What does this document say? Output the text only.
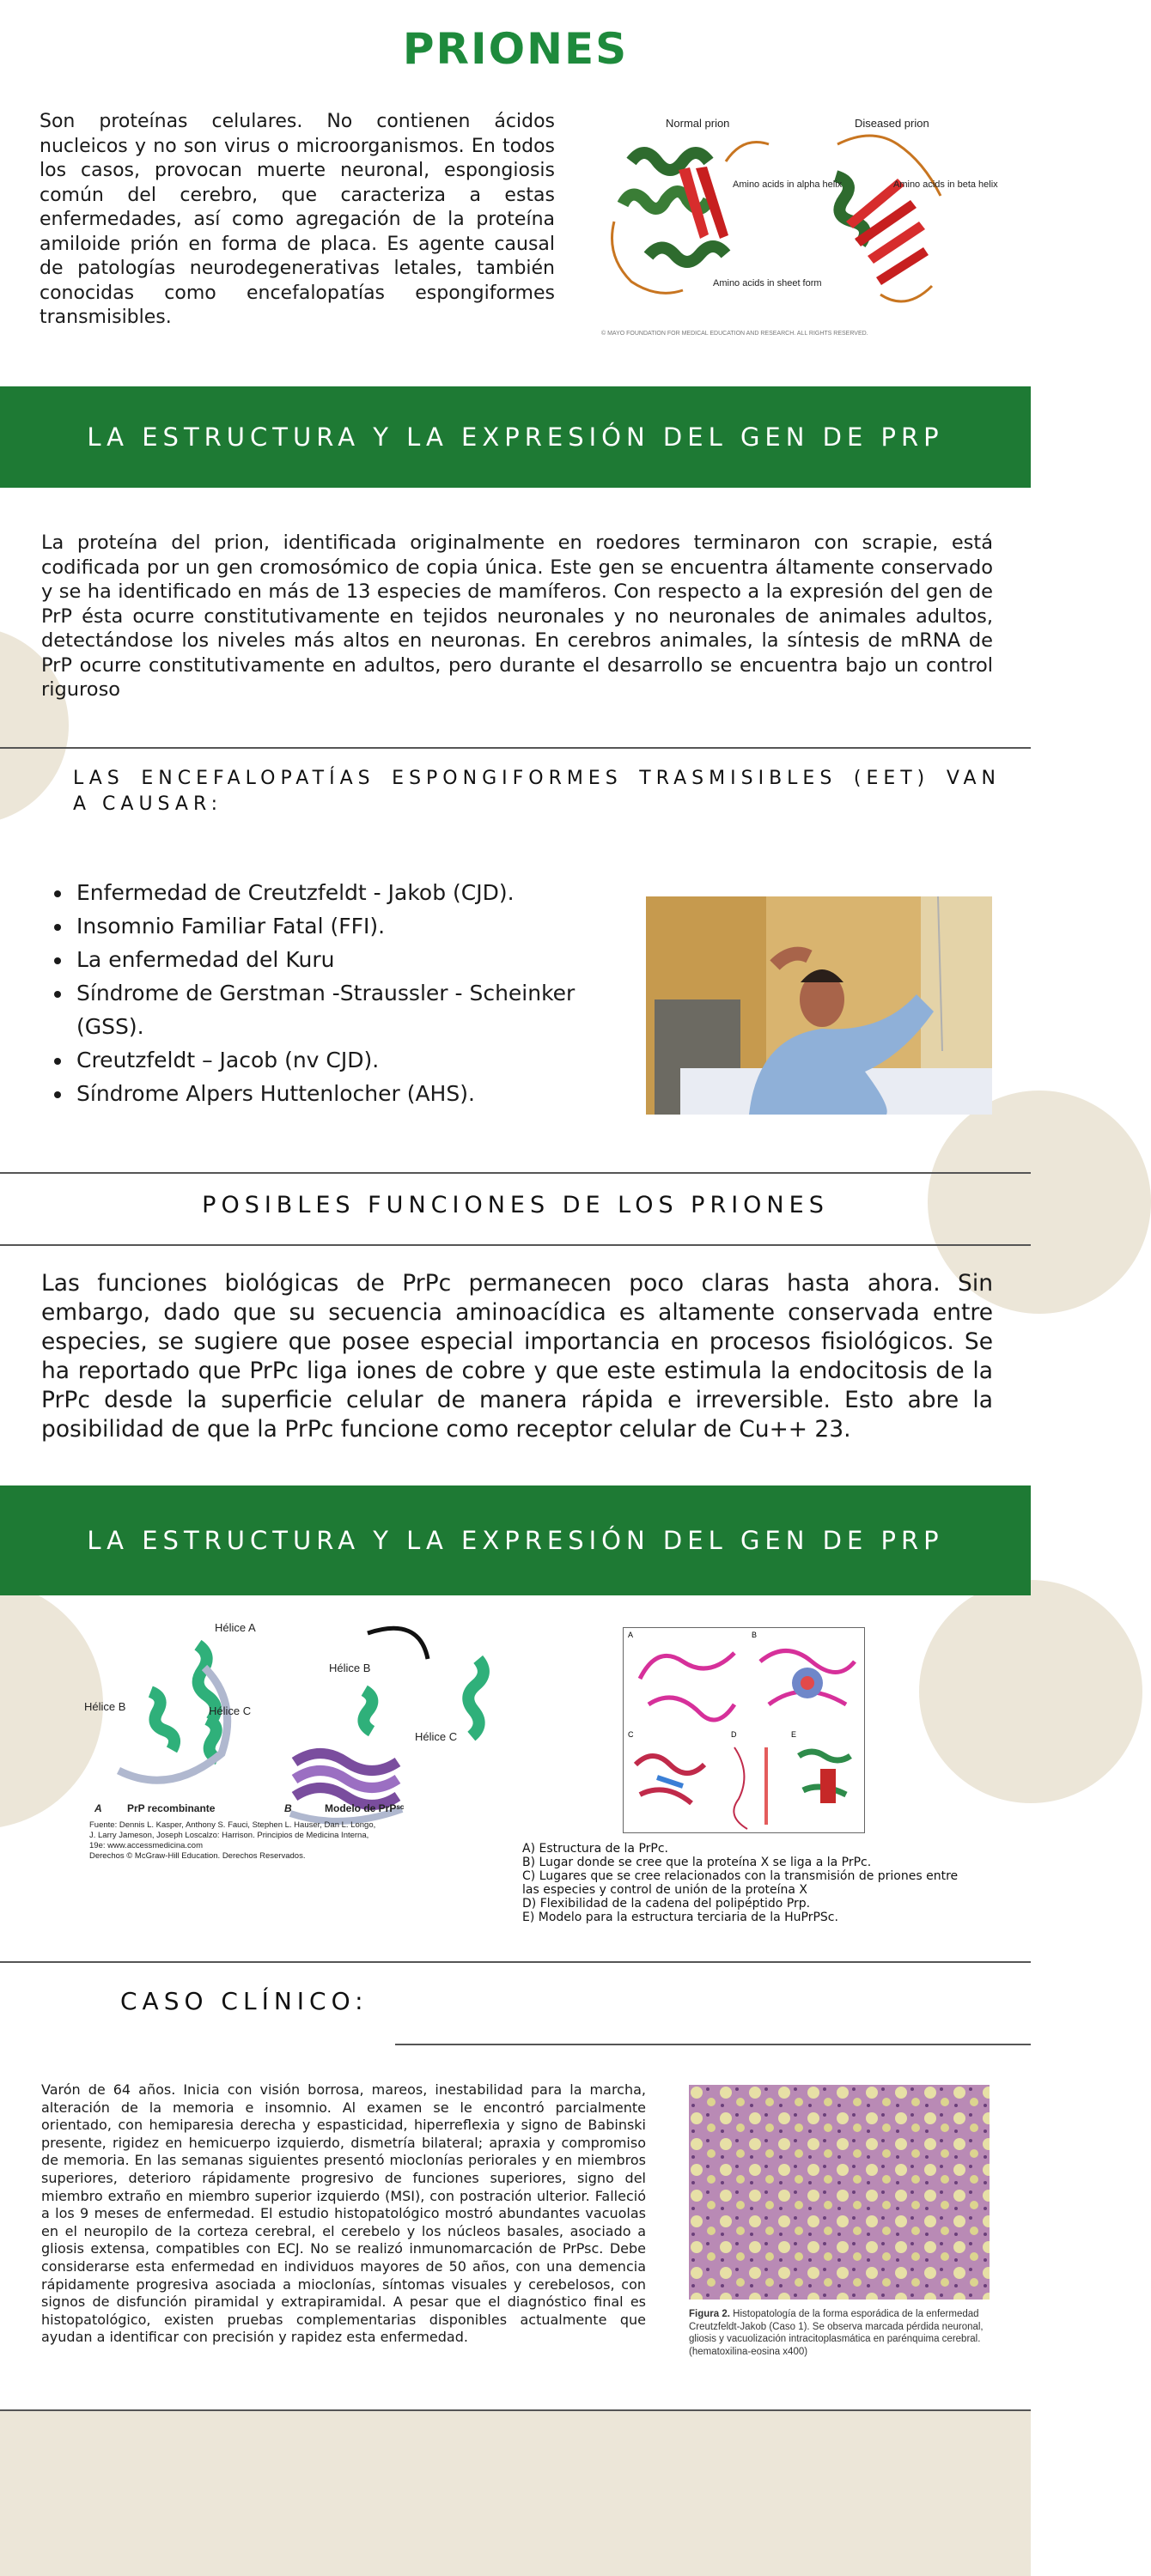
PRIONES
Son proteínas celulares. No contienen ácidos nucleicos y no son virus o microorganismos. En todos los casos, provocan muerte neuronal, espongiosis común del cerebro, que caracteriza a estas enfermedades, así como agregación de la proteína amiloide prión en forma de placa. Es agente causal de patologías neurodegenerativas letales, también conocidas como encefalopatías espongiformes transmisibles.
Normal prion	Diseased prion
Amino acids in alpha helix	Amino acids in beta helix
Amino acids in sheet form
© MAYO FOUNDATION FOR MEDICAL EDUCATION AND RESEARCH. ALL RIGHTS RESERVED.
LA ESTRUCTURA Y LA EXPRESIÓN DEL GEN DE PRP
La proteína del prion, identificada originalmente en roedores terminaron con scrapie, está codificada por un gen cromosómico de copia única. Este gen se encuentra áltamente conservado y se ha identificado en más de 13 especies de mamíferos. Con respecto a la expresión del gen de PrP ésta ocurre constitutivamente en tejidos neuronales y no neuronales de animales adultos, detectándose los niveles más altos en neuronas. En cerebros animales, la síntesis de mRNA de PrP ocurre constitutivamente en adultos, pero durante el desarrollo se encuentra bajo un control riguroso
LAS ENCEFALOPATÍAS ESPONGIFORMES TRASMISIBLES (EET) VAN A CAUSAR:
• Enfermedad de Creutzfeldt - Jakob (CJD).
• Insomnio Familiar Fatal (FFI).
• La enfermedad del Kuru
• Síndrome de Gerstman -Straussler - Scheinker (GSS).
• Creutzfeldt – Jacob (nv CJD).
• Síndrome Alpers Huttenlocher (AHS).
POSIBLES FUNCIONES DE LOS PRIONES
Las funciones biológicas de PrPc permanecen poco claras hasta ahora. Sin embargo, dado que su secuencia aminoacídica es altamente conservada entre especies, se sugiere que posee especial importancia en procesos fisiológicos. Se ha reportado que PrPc liga iones de cobre y que este estimula la endocitosis de la PrPc desde la superficie celular de manera rápida e irreversible. Esto abre la posibilidad de que la PrPc funcione como receptor celular de Cu++ 23.
LA ESTRUCTURA Y LA EXPRESIÓN DEL GEN DE PRP
Hélice A
Hélice B	Hélice C
Hélice B
Hélice C
A PrP recombinante	B	Modelo de PrPˢᶜ
Fuente: Dennis L. Kasper, Anthony S. Fauci, Stephen L. Hauser, Dan L. Longo,
J. Larry Jameson, Joseph Loscalzo: Harrison. Principios de Medicina Interna,
19e: www.accessmedicina.com
Derechos © McGraw-Hill Education. Derechos Reservados.
A	B
C	D	E
A) Estructura de la PrPc.
B) Lugar donde se cree que la proteína X se liga a la PrPc.
C) Lugares que se cree relacionados con la transmisión de priones entre las especies y control de unión de la proteína X
D) Flexibilidad de la cadena del polipéptido Prp.
E) Modelo para la estructura terciaria de la HuPrPSc.
CASO CLÍNICO:
Varón de 64 años. Inicia con visión borrosa, mareos, inestabilidad para la marcha, alteración de la memoria e insomnio. Al examen se le encontró parcialmente orientado, con hemiparesia derecha y espasticidad, hiperreflexia y signo de Babinski presente, rigidez en hemicuerpo izquierdo, dismetría bilateral; apraxia y compromiso de memoria. En las semanas siguientes presentó mioclonías periorales y en miembros superiores, deterioro rápidamente progresivo de funciones superiores, signo del miembro extraño en miembro superior izquierdo (MSI), con postración ulterior. Falleció a los 9 meses de enfermedad. El estudio histopatológico mostró abundantes vacuolas en el neuropilo de la corteza cerebral, el cerebelo y los núcleos basales, asociado a gliosis extensa, compatibles con ECJ. No se realizó inmunomarcación de PrPsc. Debe considerarse esta enfermedad en individuos mayores de 50 años, con una demencia rápidamente progresiva asociada a mioclonías, síntomas visuales y cerebelosos, con signos de disfunción piramidal y extrapiramidal. A pesar que el diagnóstico final es histopatológico, existen pruebas complementarias disponibles actualmente que ayudan a identificar con precisión y rapidez esta enfermedad.
Figura 2. Histopatología de la forma esporádica de la enfermedad Creutzfeldt-Jakob (Caso 1). Se observa marcada pérdida neuronal, gliosis y vacuolización intracitoplasmática en parénquima cerebral. (hematoxilina-eosina x400)
